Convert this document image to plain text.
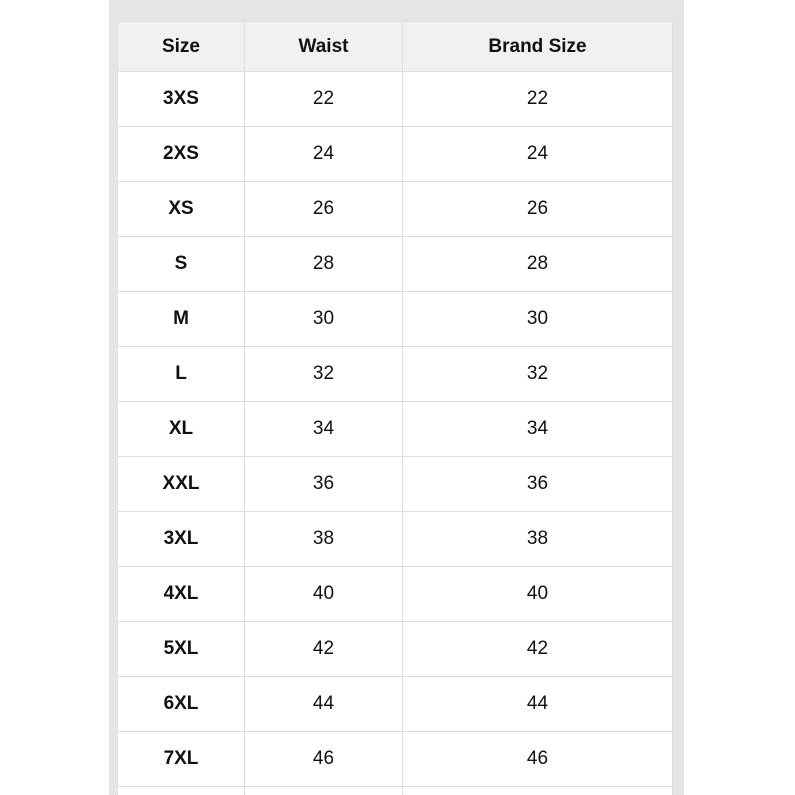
Size	Waist	Brand Size
3XS	22	22
2XS	24	24
XS	26	26
S	28	28
M	30	30
L	32	32
XL	34	34
XXL	36	36
3XL	38	38
4XL	40	40
5XL	42	42
6XL	44	44
7XL	46	46
